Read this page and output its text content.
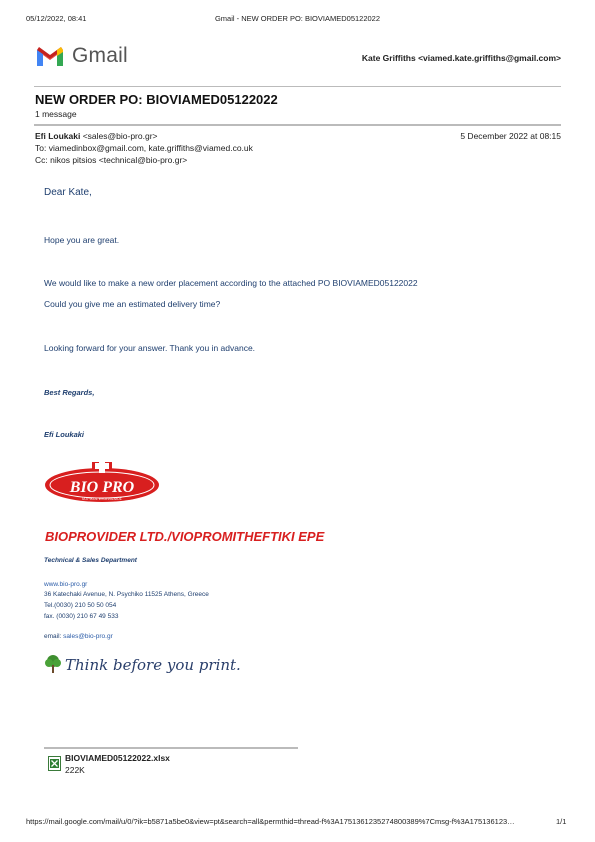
05/12/2022, 08:41	Gmail - NEW ORDER PO: BIOVIAMED05122022
Gmail	Kate Griffiths <viamed.kate.griffiths@gmail.com>
NEW ORDER PO: BIOVIAMED05122022
1 message
Efi Loukaki <sales@bio-pro.gr>	5 December 2022 at 08:15
To: viamedinbox@gmail.com, kate.griffiths@viamed.co.uk
Cc: nikos pitsios <technical@bio-pro.gr>
Dear Kate,
Hope you are great.
We would like to make a new order placement according to the attached PO BIOVIAMED05122022
Could you give me an estimated delivery time?
Looking forward for your answer. Thank you in advance.
Best Regards,
Efi Loukaki
BIO PRO
ΙΑΤΡΙΚΟΣ ΕΞΟΠΛΙΣΜΟΣ
BIOPROVIDER LTD./VIOPROMITHEFTIKI EPE
Technical & Sales Department
www.bio-pro.gr
36 Katechaki Avenue, N. Psychiko 11525 Athens, Greece
Tel.(0030) 210 50 50 054
fax. (0030) 210 67 49 533
email: sales@bio-pro.gr
Think before you print.
BIOVIAMED05122022.xlsx
222K
https://mail.google.com/mail/u/0/?ik=b5871a5be0&view=pt&search=all&permthid=thread-f%3A1751361235274800389%7Cmsg-f%3A175136123…	1/1
